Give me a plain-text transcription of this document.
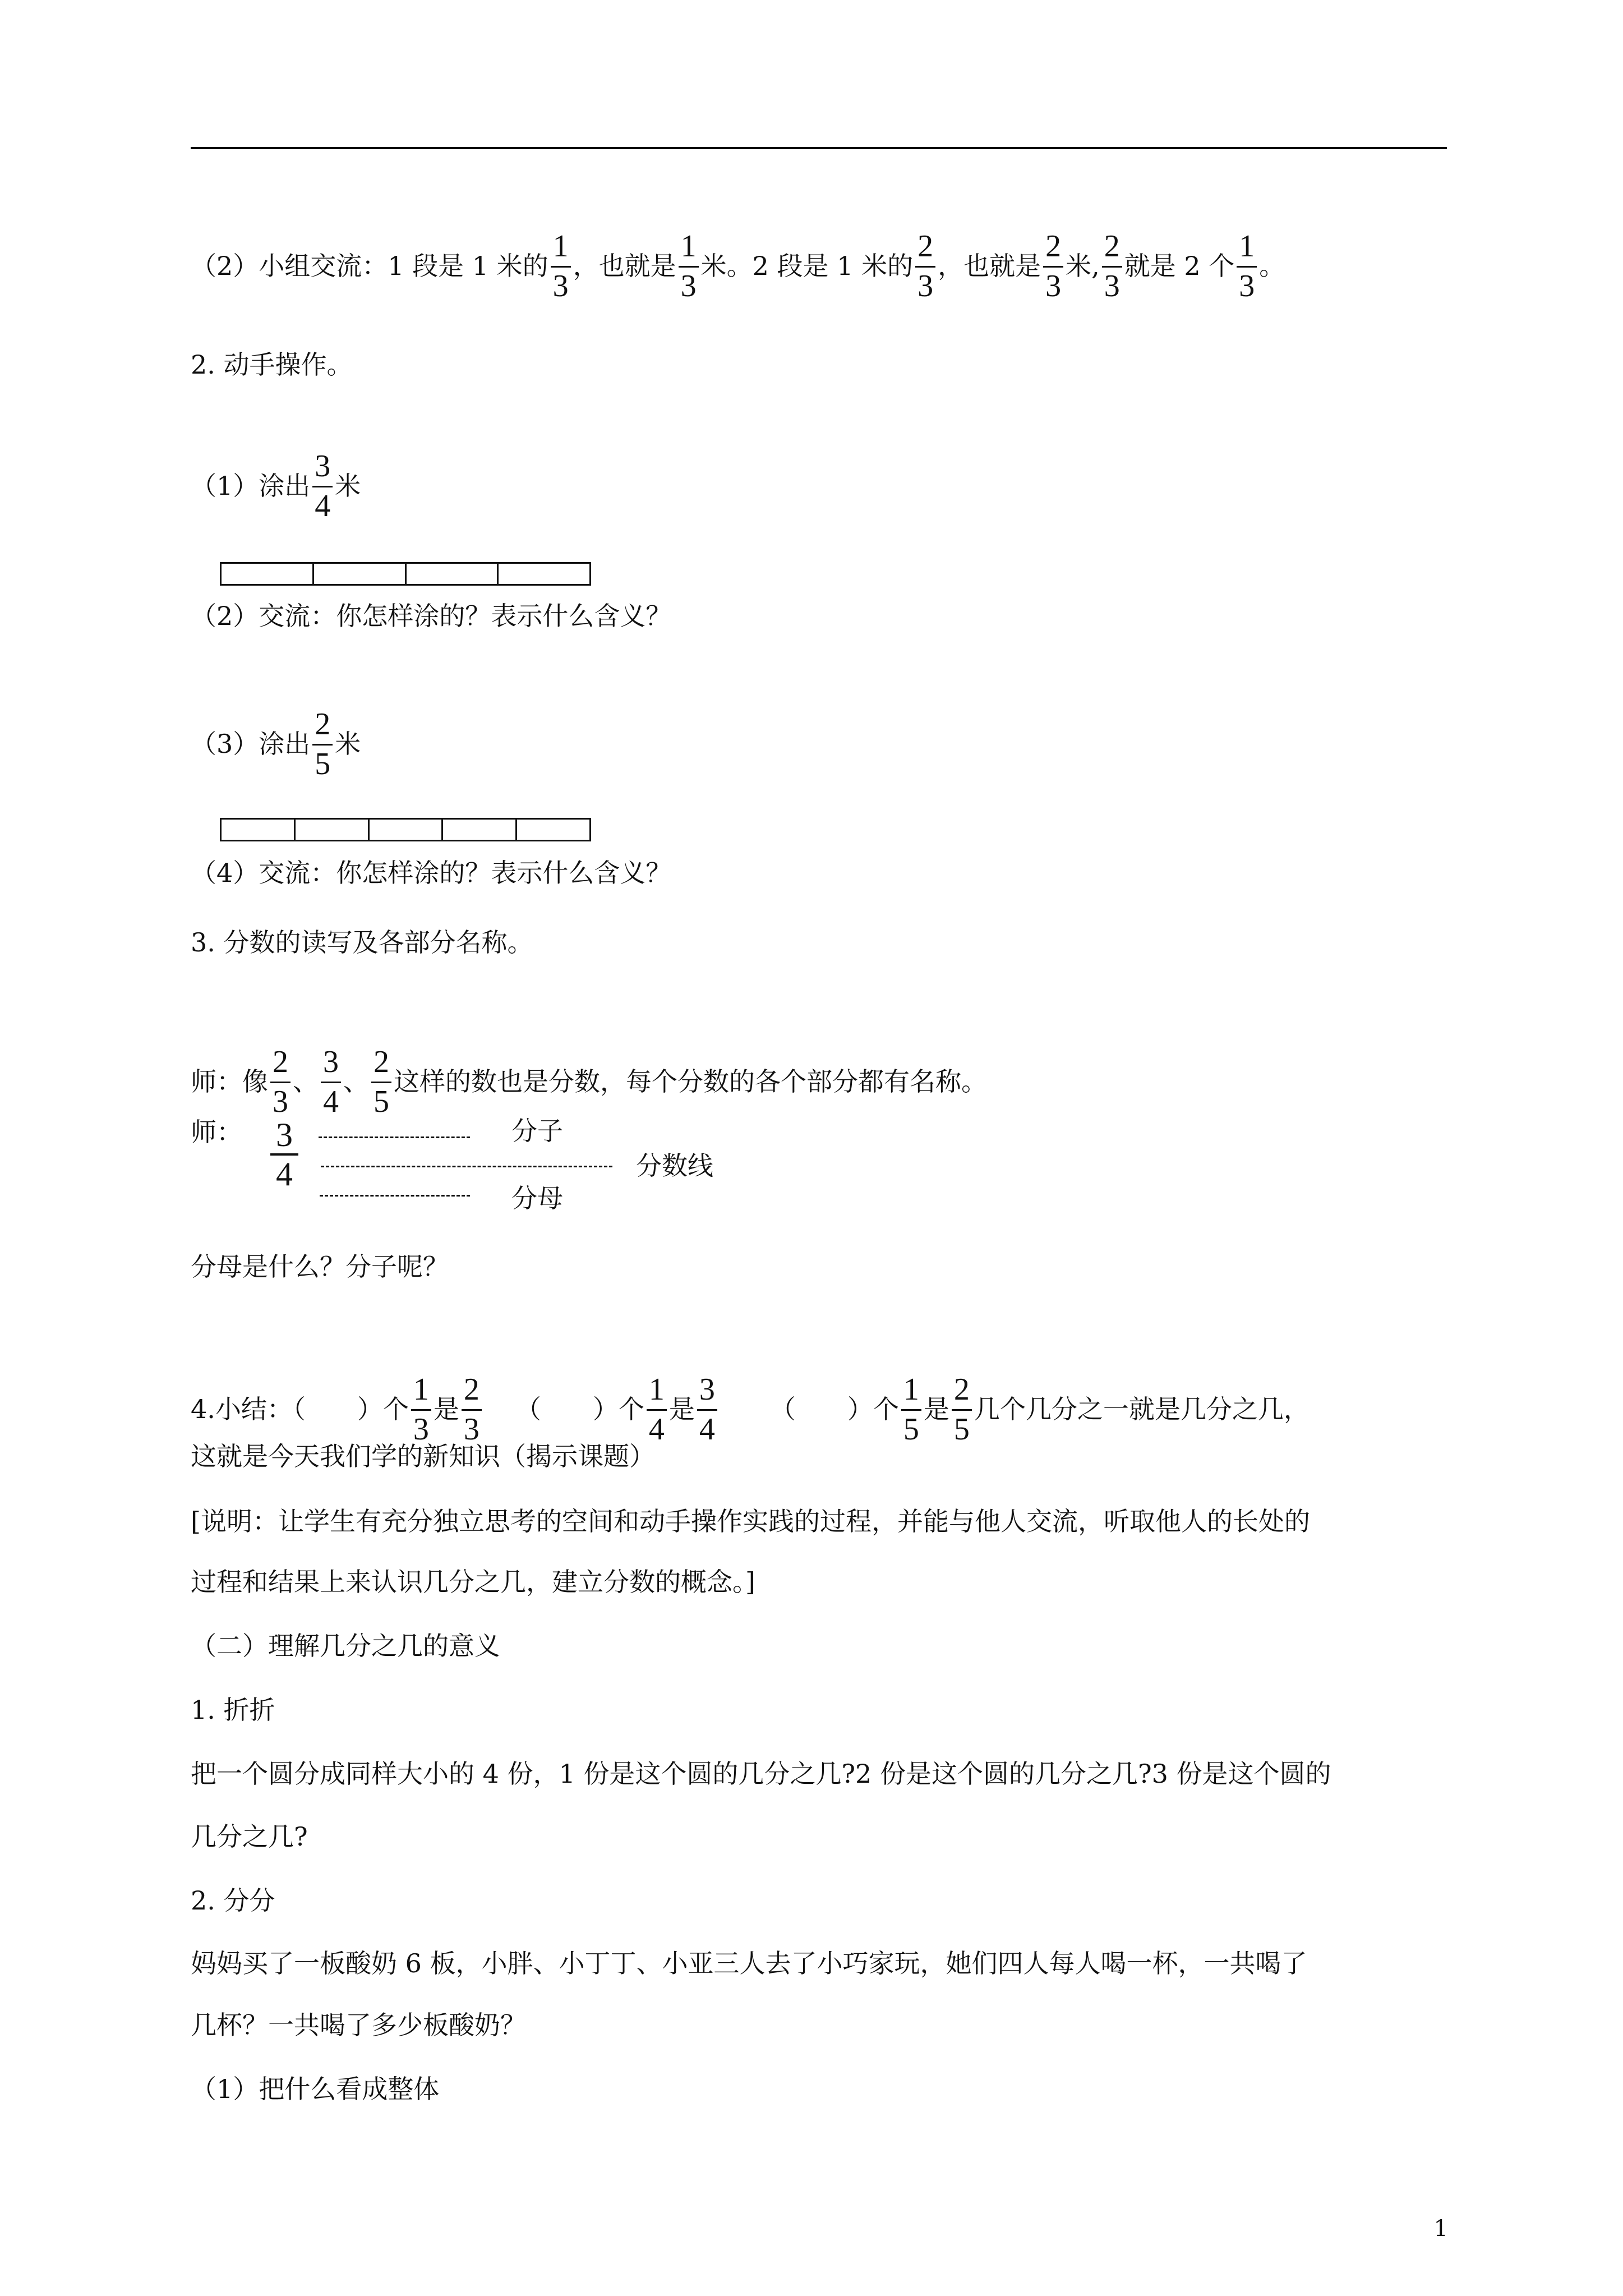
（2）小组交流：1 段是 1 米的 $\frac{1}{3}$ ，也就是 $\frac{1}{3}$ 米。2 段是 1 米的 $\frac{2}{3}$ ，也就是 $\frac{2}{3}$ 米, $\frac{2}{3}$ 就是 2 个 $\frac{1}{3}$ 。
2. 动手操作。
（1）涂出 $\frac{3}{4}$ 米
（2）交流：你怎样涂的？表示什么含义？
（3）涂出 $\frac{2}{5}$ 米
（4）交流：你怎样涂的？表示什么含义？
3. 分数的读写及各部分名称。
师：像 $\frac{2}{3}$ 、 $\frac{3}{4}$ 、 $\frac{2}{5}$ 这样的数也是分数，每个分数的各个部分都有名称。
师： $\frac{3}{4}$	分子
分数线
分母
分母是什么？分子呢？
4.小结：（　　）个 $\frac{1}{3}$ 是 $\frac{2}{3}$ （　　）个 $\frac{1}{4}$ 是 $\frac{3}{4}$ （　　）个 $\frac{1}{5}$ 是 $\frac{2}{5}$ 几个几分之一就是几分之几，
这就是今天我们学的新知识（揭示课题）
[说明：让学生有充分独立思考的空间和动手操作实践的过程，并能与他人交流，听取他人的长处的
过程和结果上来认识几分之几，建立分数的概念。]
（二）理解几分之几的意义
1. 折折
把一个圆分成同样大小的 4 份，1 份是这个圆的几分之几?2 份是这个圆的几分之几?3 份是这个圆的
几分之几?
2. 分分
妈妈买了一板酸奶 6 板，小胖、小丁丁、小亚三人去了小巧家玩，她们四人每人喝一杯，一共喝了
几杯？一共喝了多少板酸奶？
（1）把什么看成整体
1
